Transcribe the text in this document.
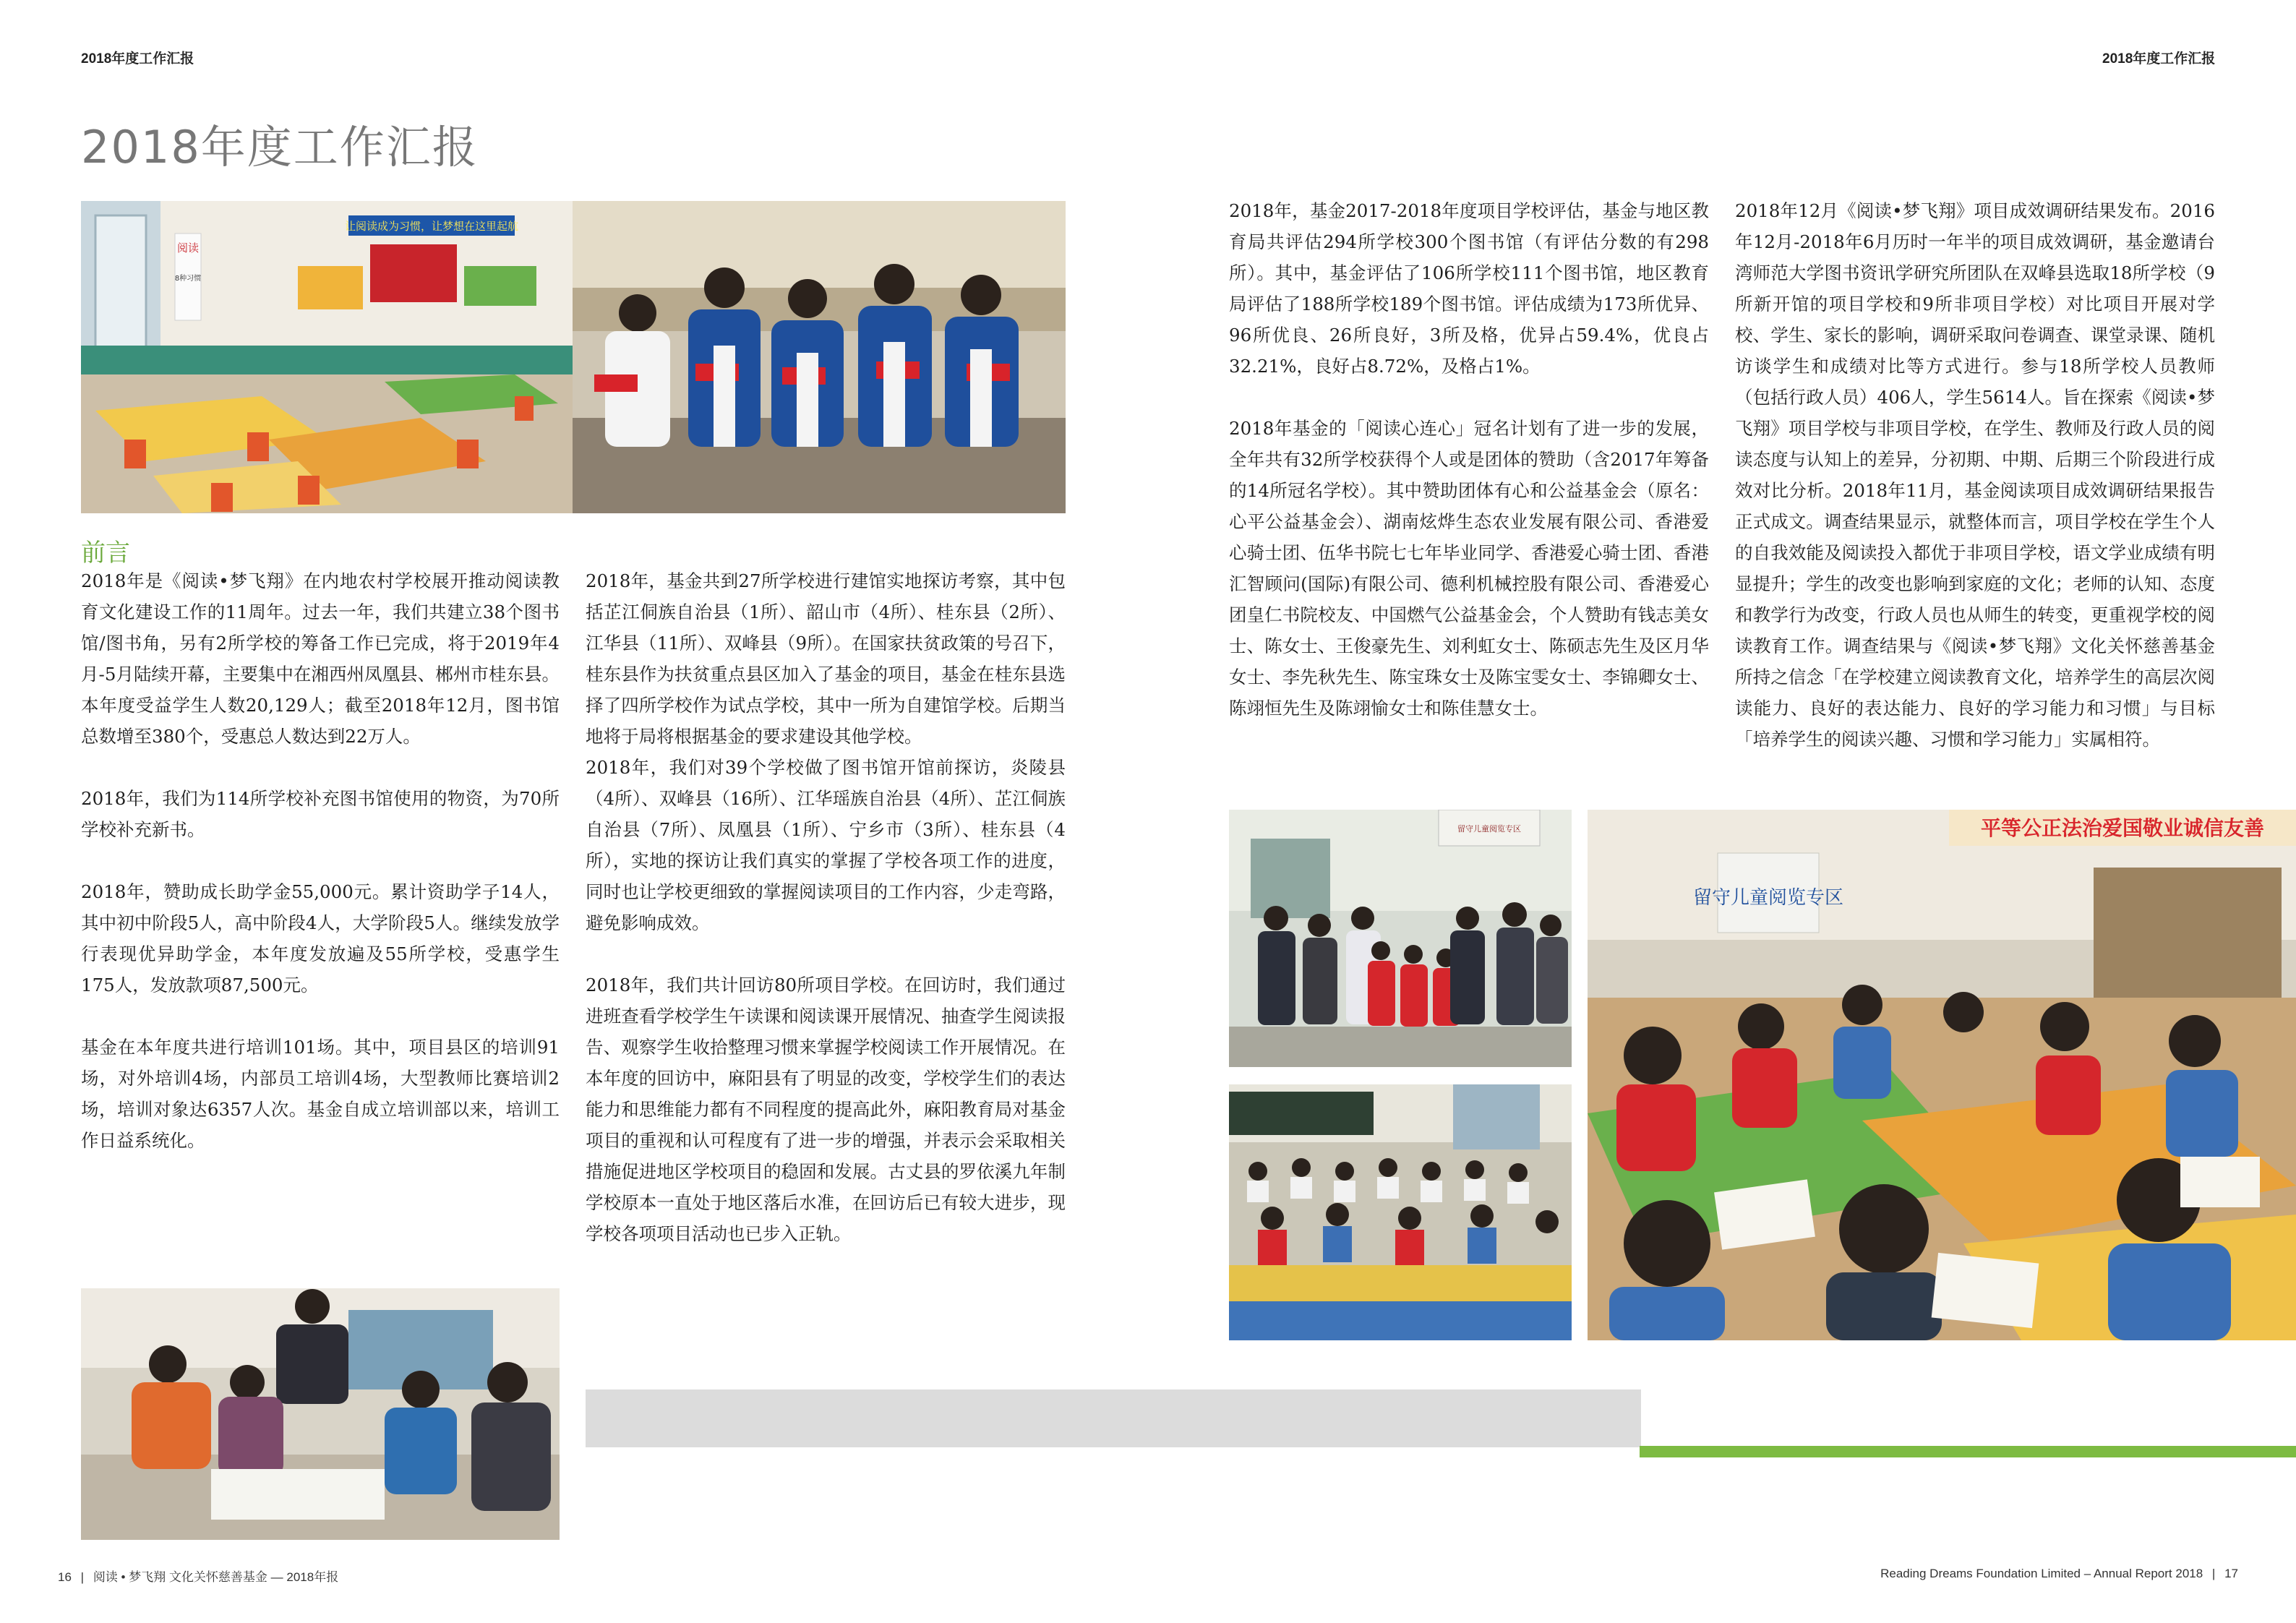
2018年度工作汇报	2018年度工作汇报
2018年度工作汇报
让阅读成为习惯，让梦想在这里起航
阅读
8种习惯
前言

2018年是《阅读•梦飞翔》在内地农村学校展开推动阅读教育文化建设工作的11周年。过去一年，我们共建立38个图书馆/图书角，另有2所学校的筹备工作已完成，将于2019年4月-5月陆续开幕，主要集中在湘西州凤凰县、郴州市桂东县。本年度受益学生人数20,129人；截至2018年12月，图书馆总数增至380个，受惠总人数达到22万人。

2018年，我们为114所学校补充图书馆使用的物资，为70所学校补充新书。

2018年，赞助成长助学金55,000元。累计资助学子14人，其中初中阶段5人，高中阶段4人，大学阶段5人。继续发放学行表现优异助学金，本年度发放遍及55所学校，受惠学生175人，发放款项87,500元。

基金在本年度共进行培训101场。其中，项目县区的培训91场，对外培训4场，内部员工培训4场，大型教师比赛培训2场，培训对象达6357人次。基金自成立培训部以来，培训工作日益系统化。

2018年，基金共到27所学校进行建馆实地探访考察，其中包括芷江侗族自治县（1所）、韶山市（4所）、桂东县（2所）、江华县（11所）、双峰县（9所）。在国家扶贫政策的号召下，桂东县作为扶贫重点县区加入了基金的项目，基金在桂东县选择了四所学校作为试点学校，其中一所为自建馆学校。后期当地将于局将根据基金的要求建设其他学校。

2018年，我们对39个学校做了图书馆开馆前探访，炎陵县（4所）、双峰县（16所）、江华瑶族自治县（4所）、芷江侗族自治县（7所）、凤凰县（1所）、宁乡市（3所）、桂东县（4所），实地的探访让我们真实的掌握了学校各项工作的进度，同时也让学校更细致的掌握阅读项目的工作内容，少走弯路，避免影响成效。

2018年，我们共计回访80所项目学校。在回访时，我们通过进班查看学校学生午读课和阅读课开展情况、抽查学生阅读报告、观察学生收拾整理习惯来掌握学校阅读工作开展情况。在本年度的回访中，麻阳县有了明显的改变，学校学生们的表达能力和思维能力都有不同程度的提高此外，麻阳教育局对基金项目的重视和认可程度有了进一步的增强，并表示会采取相关措施促进地区学校项目的稳固和发展。古丈县的罗依溪九年制学校原本一直处于地区落后水准，在回访后已有较大进步，现学校各项项目活动也已步入正轨。

2018年，基金2017-2018年度项目学校评估，基金与地区教育局共评估294所学校300个图书馆（有评估分数的有298所）。其中，基金评估了106所学校111个图书馆，地区教育局评估了188所学校189个图书馆。评估成绩为173所优异、96所优良、26所良好，3所及格，优异占59.4%，优良占32.21%，良好占8.72%，及格占1%。

2018年基金的「阅读心连心」冠名计划有了进一步的发展，全年共有32所学校获得个人或是团体的赞助（含2017年筹备的14所冠名学校）。其中赞助团体有心和公益基金会（原名：心平公益基金会）、湖南炫烨生态农业发展有限公司、香港爱心骑士团、伍华书院七七年毕业同学、香港爱心骑士团、香港汇智顾问(国际)有限公司、德利机械控股有限公司、香港爱心团皇仁书院校友、中国燃气公益基金会，个人赞助有钱志美女士、陈女士、王俊豪先生、刘利虹女士、陈硕志先生及区月华女士、李先秋先生、陈宝珠女士及陈宝雯女士、李锦卿女士、陈翊恒先生及陈翊愉女士和陈佳慧女士。

2018年12月《阅读•梦飞翔》项目成效调研结果发布。2016年12月-2018年6月历时一年半的项目成效调研，基金邀请台湾师范大学图书资讯学研究所团队在双峰县选取18所学校（9所新开馆的项目学校和9所非项目学校）对比项目开展对学校、学生、家长的影响，调研采取问卷调查、课堂录课、随机访谈学生和成绩对比等方式进行。参与18所学校人员教师（包括行政人员）406人，学生5614人。旨在探索《阅读•梦飞翔》项目学校与非项目学校，在学生、教师及行政人员的阅读态度与认知上的差异，分初期、中期、后期三个阶段进行成效对比分析。2018年11月，基金阅读项目成效调研结果报告正式成文。调查结果显示，就整体而言，项目学校在学生个人的自我效能及阅读投入都优于非项目学校，语文学业成绩有明显提升；学生的改变也影响到家庭的文化；老师的认知、态度和教学行为改变，行政人员也从师生的转变，更重视学校的阅读教育工作。调查结果与《阅读•梦飞翔》文化关怀慈善基金所持之信念「在学校建立阅读教育文化，培养学生的高层次阅读能力、良好的表达能力、良好的学习能力和习惯」与目标「培养学生的阅读兴趣、习惯和学习能力」实属相符。

留守儿童阅览专区	平等公正法治爱国敬业诚信友善
留守儿童阅览专区
16 | 阅读 • 梦飞翔 文化关怀慈善基金 — 2018年报	Reading Dreams Foundation Limited – Annual Report 2018 | 17
